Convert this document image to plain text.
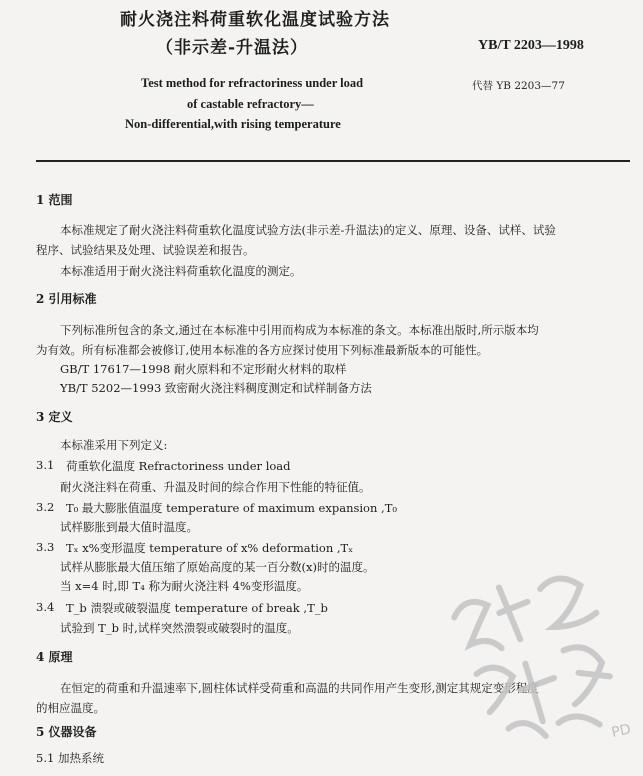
耐火浇注料荷重软化温度试验方法
（非示差-升温法）	YB/T 2203—1998
代替 YB 2203—77
Test method for refractoriness under load
of castable refractory—
Non-differential,with rising temperature
1 范围
本标准规定了耐火浇注料荷重软化温度试验方法(非示差-升温法)的定义、原理、设备、试样、试验
程序、试验结果及处理、试验误差和报告。
本标准适用于耐火浇注料荷重软化温度的测定。
2 引用标准
下列标准所包含的条文,通过在本标准中引用而构成为本标准的条文。本标准出版时,所示版本均
为有效。所有标准都会被修订,使用本标准的各方应探讨使用下列标准最新版本的可能性。
GB/T 17617—1998 耐火原料和不定形耐火材料的取样
YB/T 5202—1993 致密耐火浇注料稠度测定和试样制备方法
3 定义
本标准采用下列定义:
3.1 荷重软化温度 Refractoriness under load
耐火浇注料在荷重、升温及时间的综合作用下性能的特征值。
3.2 T₀ 最大膨胀值温度 temperature of maximum expansion ,T₀
试样膨胀到最大值时温度。
3.3 Tₓ x%变形温度 temperature of x% deformation ,Tₓ
试样从膨胀最大值压缩了原始高度的某一百分数(x)时的温度。
当 x=4 时,即 T₄ 称为耐火浇注料 4%变形温度。
3.4 T_b 溃裂或破裂温度 temperature of break ,T_b
试验到 T_b 时,试样突然溃裂或破裂时的温度。
4 原理
在恒定的荷重和升温速率下,圆柱体试样受荷重和高温的共同作用产生变形,测定其规定变形程度
的相应温度。
5 仪器设备
5.1 加热系统
PD
